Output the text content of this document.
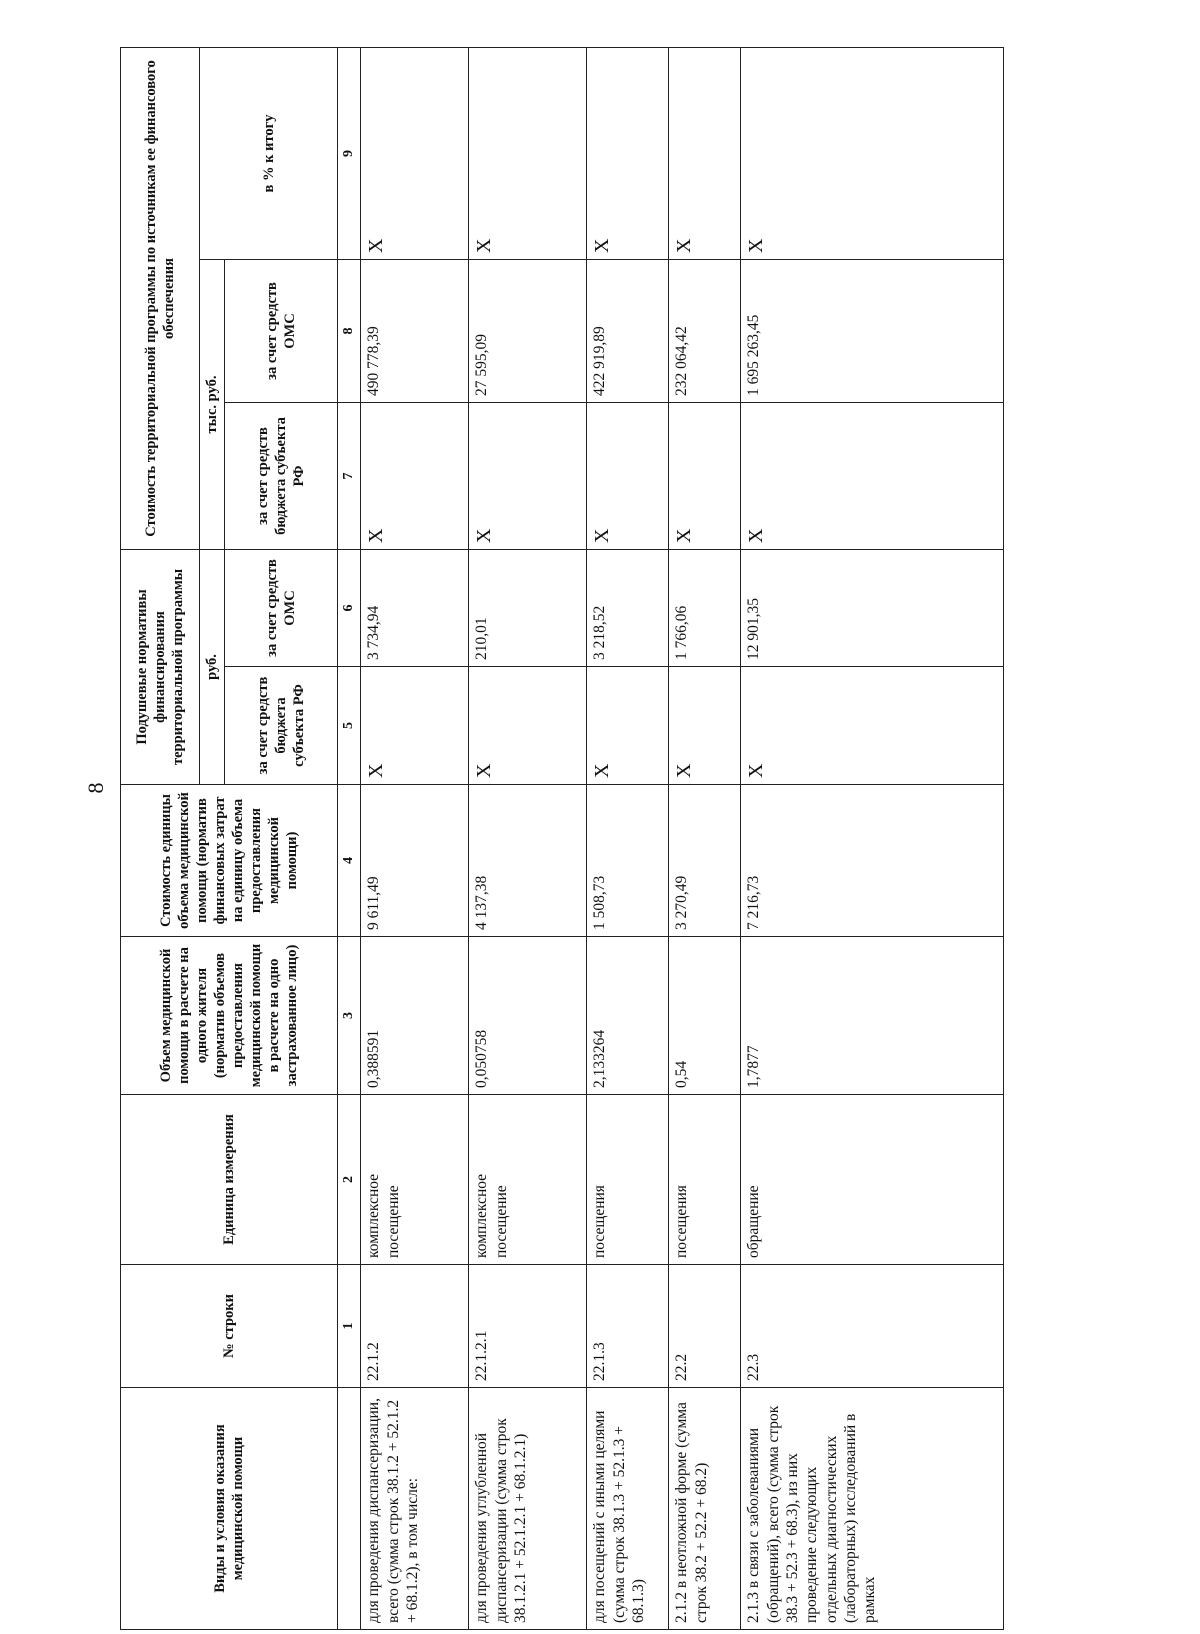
8
Виды и условия оказания медицинской помощи	№ строки	Единица измерения	Объем медицинской помощи в расчете на одного жителя (норматив объемов предоставления медицинской помощи в расчете на одно застрахованное лицо)	Стоимость единицы объема медицинской помощи (норматив финансовых затрат на единицу объема предоставления медицинской помощи)	Подушевые нормативы финансирования территориальной программы		Стоимость территориальной программы по источникам ее финансового обеспечения		
					руб.		тыс. руб.		в % к итогу
					за счет средств бюджета субъекта РФ	за счет средств ОМС	за счет средств бюджета субъекта РФ	за счет средств ОМС	
	1	2	3	4	5	6	7	8	9
для проведения диспансеризации, всего (сумма строк 38.1.2 + 52.1.2 + 68.1.2), в том числе:	22.1.2	комплексное посещение	0,388591	9 611,49	X	3 734,94	X	490 778,39	X
для проведения углубленной диспансеризации (сумма строк 38.1.2.1 + 52.1.2.1 + 68.1.2.1)	22.1.2.1	комплексное посещение	0,050758	4 137,38	X	210,01	X	27 595,09	X
для посещений с иными целями (сумма строк 38.1.3 + 52.1.3 + 68.1.3)	22.1.3	посещения	2,133264	1 508,73	X	3 218,52	X	422 919,89	X
2.1.2 в неотложной форме (сумма строк 38.2 + 52.2 + 68.2)	22.2	посещения	0,54	3 270,49	X	1 766,06	X	232 064,42	X
2.1.3 в связи с заболеваниями (обращений), всего (сумма строк 38.3 + 52.3 + 68.3), из них проведение следующих отдельных диагностических (лабораторных) исследований в рамках	22.3	обращение	1,7877	7 216,73	X	12 901,35	X	1 695 263,45	X
